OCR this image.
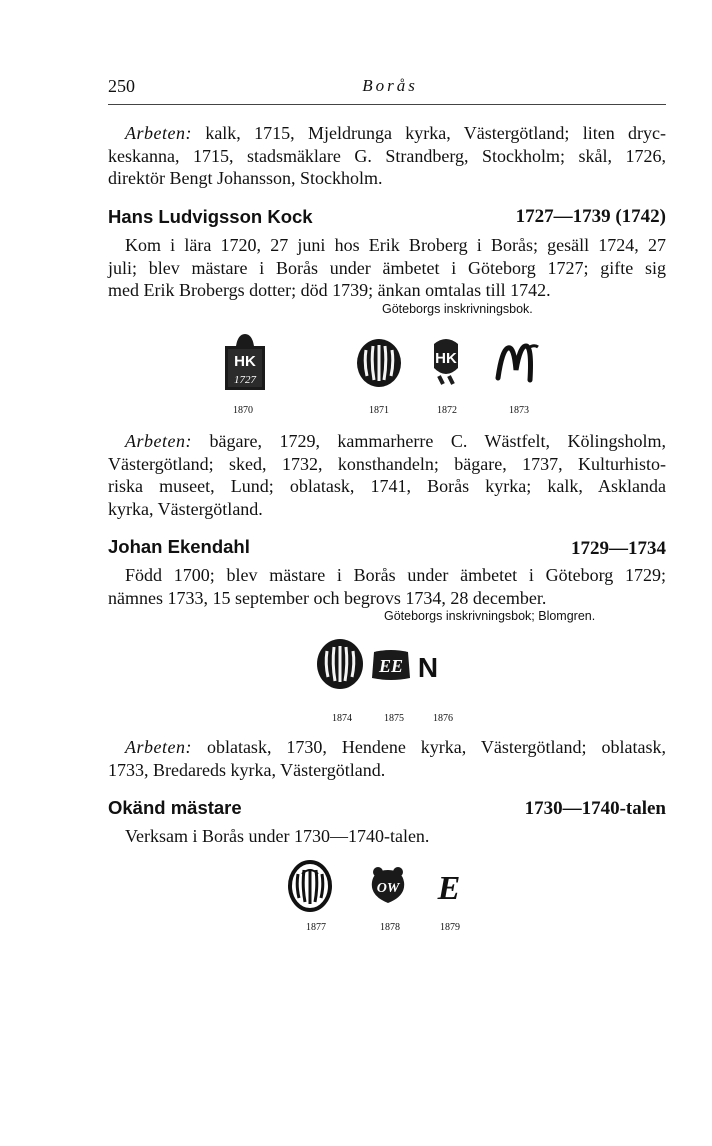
250	Borås
Arbeten: kalk, 1715, Mjeldrunga kyrka, Västergötland; liten dryc-
keskanna, 1715, stadsmäklare G. Strandberg, Stockholm; skål, 1726,
direktör Bengt Johansson, Stockholm.
Hans Ludvigsson Kock	1727—1739 (1742)
Kom i lära 1720, 27 juni hos Erik Broberg i Borås; gesäll 1724, 27
juli; blev mästare i Borås under ämbetet i Göteborg 1727; gifte sig
med Erik Brobergs dotter; död 1739; änkan omtalas till 1742.
Göteborgs inskrivningsbok.
HK
1727
HK
1870	1871	1872	1873
Arbeten: bägare, 1729, kammarherre C. Wästfelt, Kölingsholm,
Västergötland; sked, 1732, konsthandeln; bägare, 1737, Kulturhisto-
riska museet, Lund; oblatask, 1741, Borås kyrka; kalk, Asklanda
kyrka, Västergötland.
Johan Ekendahl	1729—1734
Född 1700; blev mästare i Borås under ämbetet i Göteborg 1729;
nämnes 1733, 15 september och begrovs 1734, 28 december.
Göteborgs inskrivningsbok; Blomgren.
EE N
1874	1875	1876
Arbeten: oblatask, 1730, Hendene kyrka, Västergötland; oblatask,
1733, Bredareds kyrka, Västergötland.
Okänd mästare	1730—1740-talen
Verksam i Borås under 1730—1740-talen.
OW E
1877	1878	1879
